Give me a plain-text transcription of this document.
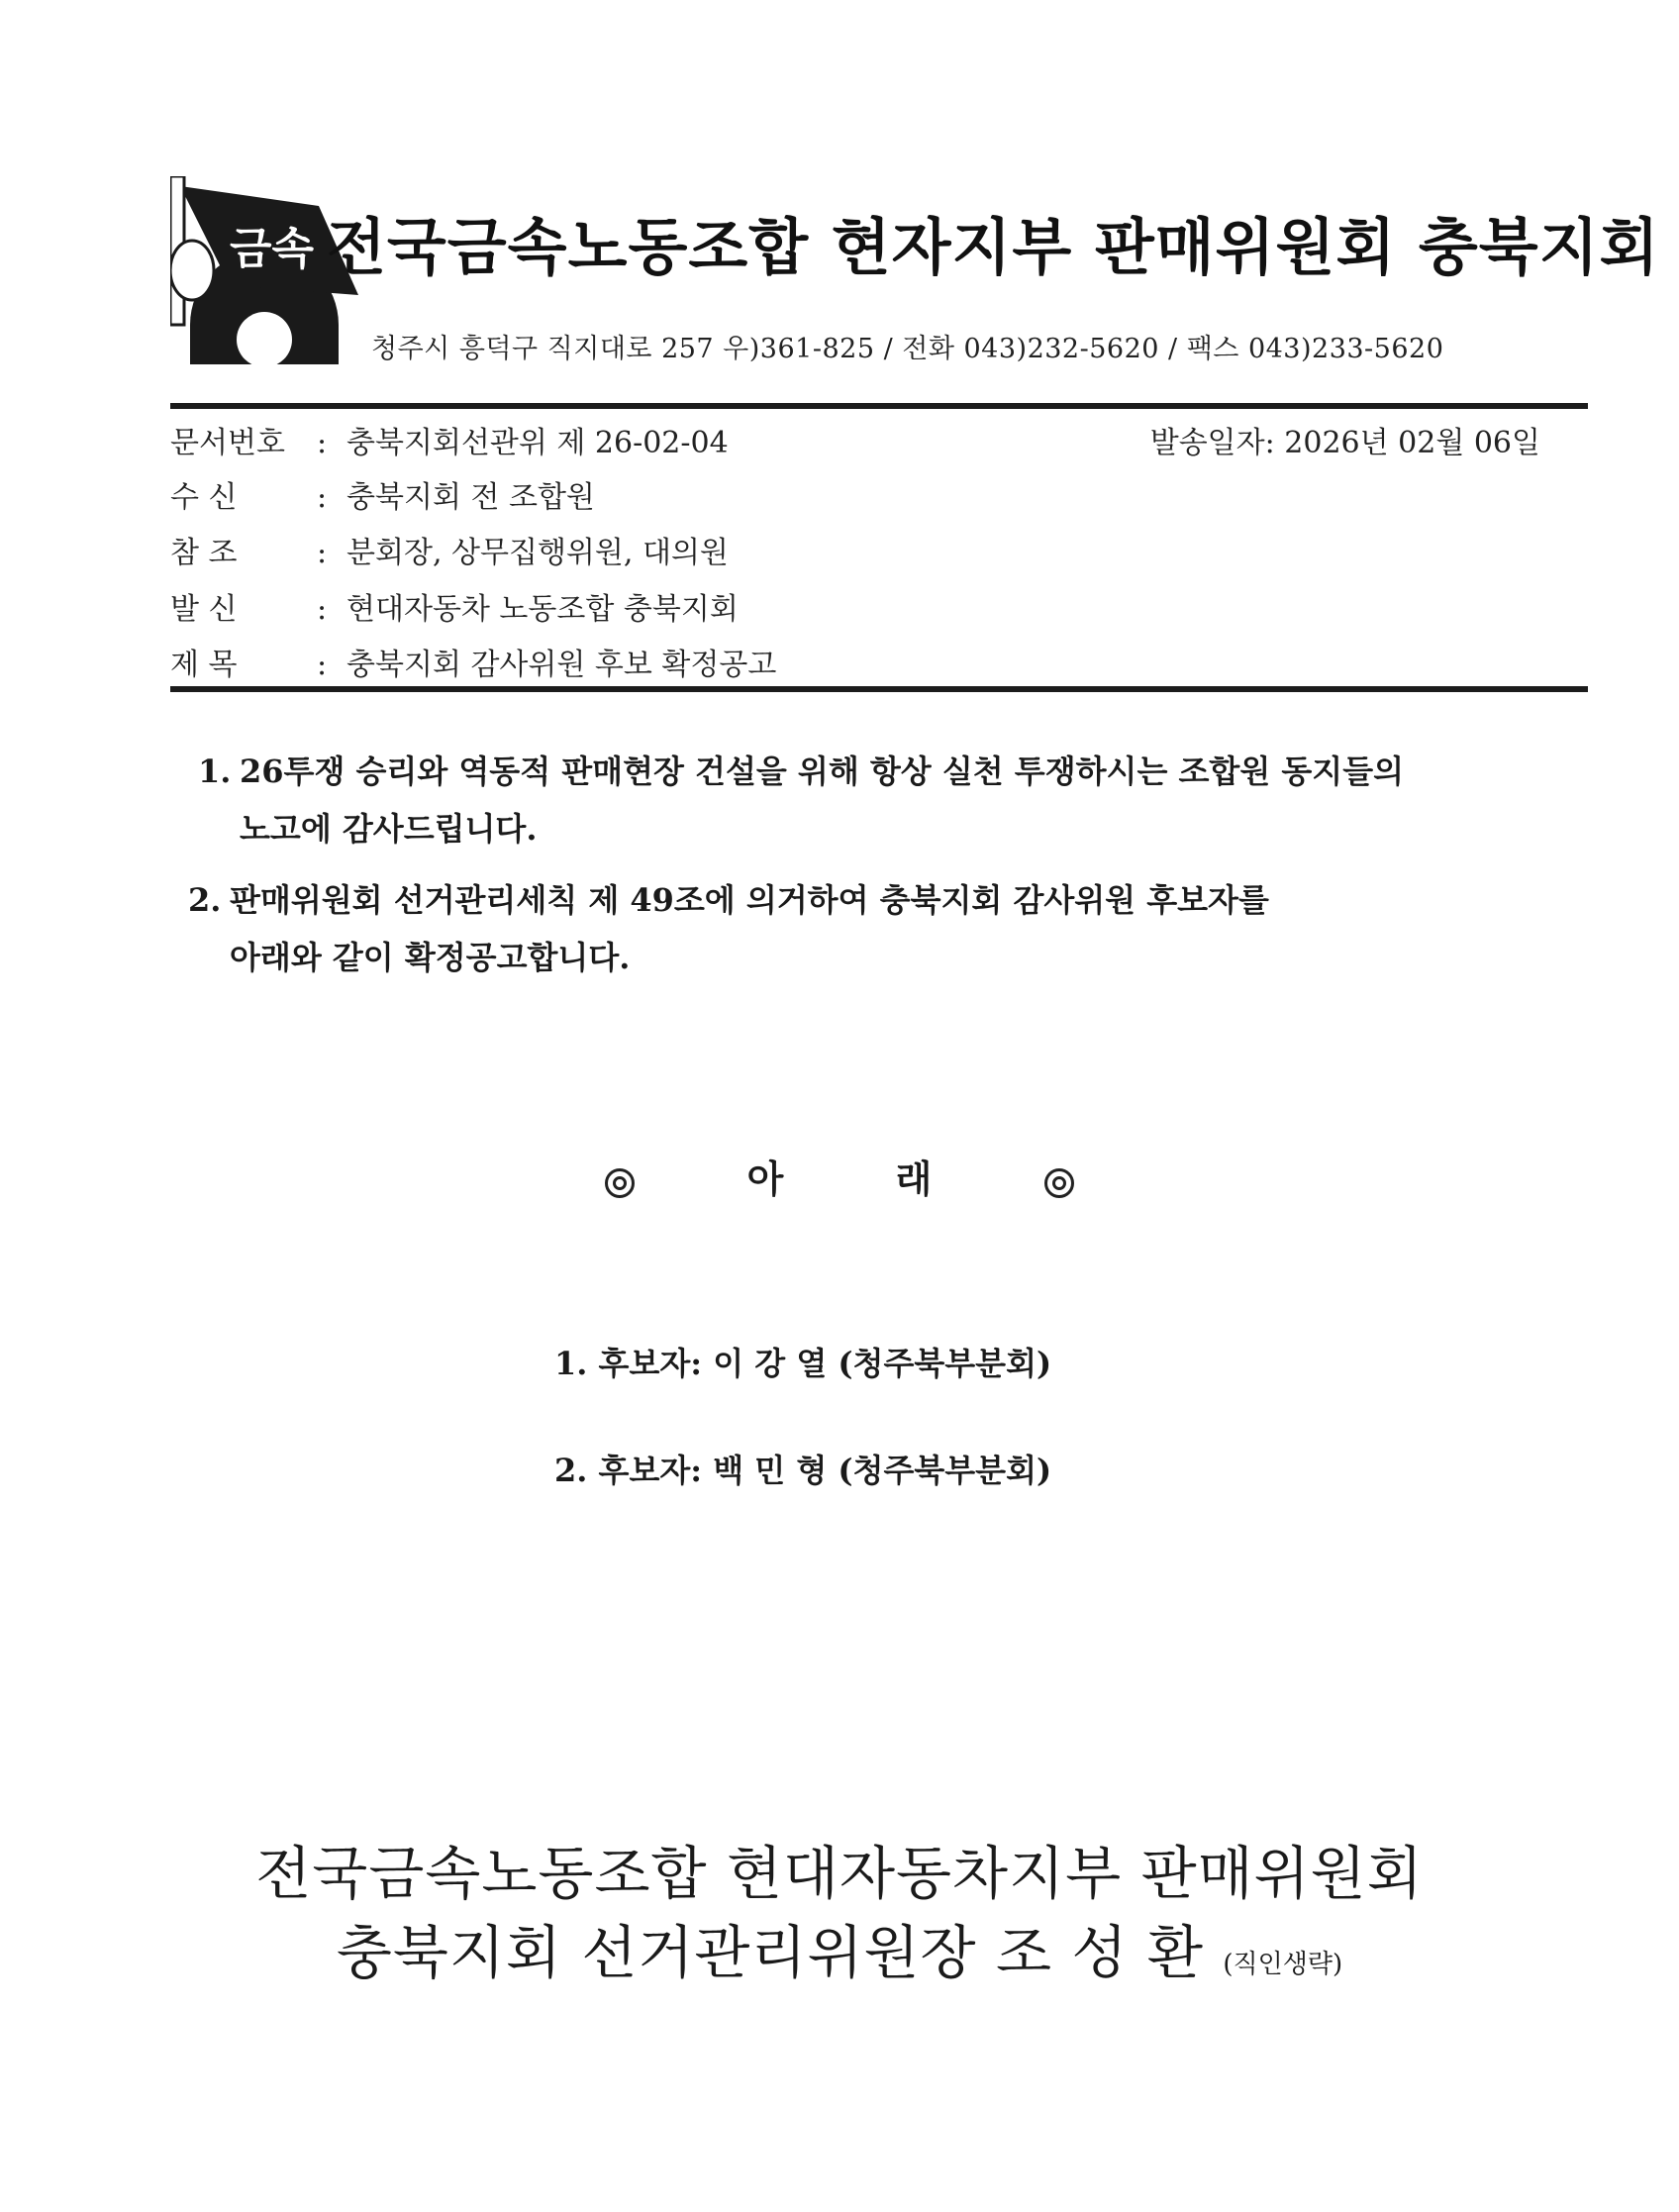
금속 전국금속노동조합 현자지부 판매위원회 충북지회
청주시 흥덕구 직지대로 257 우)361-825 / 전화 043)232-5620 / 팩스 043)233-5620
문서번호 : 충북지회선관위 제 26-02-04	발송일자: 2026년 02월 06일
수 신	: 충북지회 전 조합원
참 조	: 분회장, 상무집행위원, 대의원
발 신	: 현대자동차 노동조합 충북지회
제 목	: 충북지회 감사위원 후보 확정공고
1. 26투쟁 승리와 역동적 판매현장 건설을 위해 항상 실천 투쟁하시는 조합원 동지들의
노고에 감사드립니다.
2. 판매위원회 선거관리세칙 제 49조에 의거하여 충북지회 감사위원 후보자를
아래와 같이 확정공고합니다.
아	래
1. 후보자: 이 강 열 (청주북부분회)
2. 후보자: 백 민 형 (청주북부분회)
전국금속노동조합 현대자동차지부 판매위원회
충북지회 선거관리위원장 조 성 환 (직인생략)
